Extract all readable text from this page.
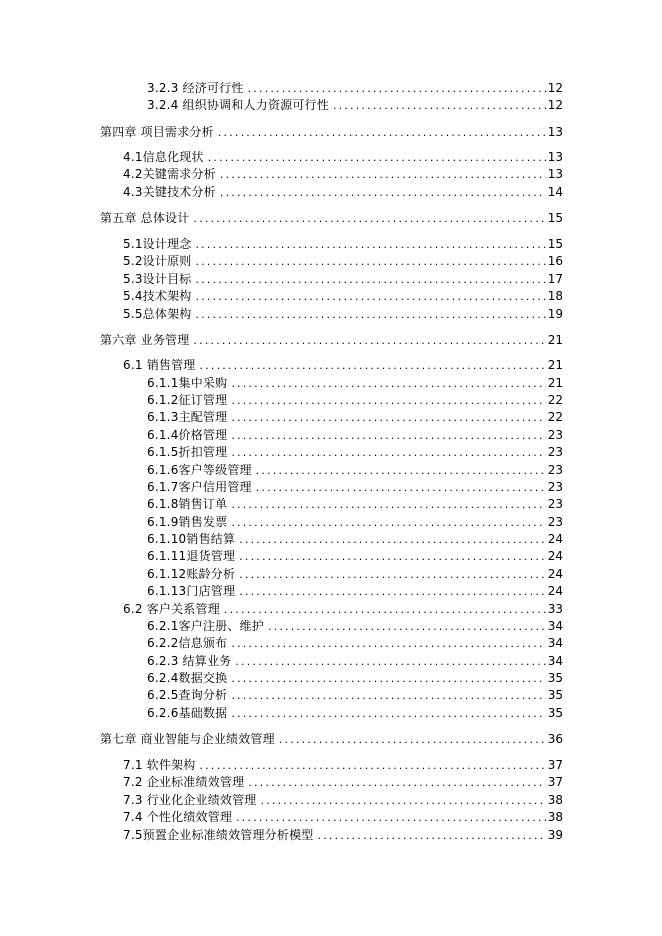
3.2.3 经济可行性 .....	12
3.2.4 组织协调和人力资源可行性 .....	12
第四章 项目需求分析 .....	13
4.1信息化现状 .....	13
4.2关键需求分析 .....	13
4.3关键技术分析 .....	14
第五章 总体设计 .....	15
5.1设计理念 .....	15
5.2设计原则 .....	16
5.3设计目标 .....	17
5.4技术架构 .....	18
5.5总体架构 .....	19
第六章 业务管理 .....	21
6.1 销售管理 .....	21
6.1.1集中采购 .....	21
6.1.2征订管理 .....	22
6.1.3主配管理 .....	22
6.1.4价格管理 .....	23
6.1.5折扣管理 .....	23
6.1.6客户等级管理 .....	23
6.1.7客户信用管理 .....	23
6.1.8销售订单 .....	23
6.1.9销售发票 .....	23
6.1.10销售结算 .....	24
6.1.11退货管理 .....	24
6.1.12账龄分析 .....	24
6.1.13门店管理 .....	24
6.2 客户关系管理 .....	33
6.2.1客户注册、维护 .....	34
6.2.2信息颁布 .....	34
6.2.3 结算业务 .....	34
6.2.4数据交换 .....	35
6.2.5查询分析 .....	35
6.2.6基础数据 .....	35
第七章 商业智能与企业绩效管理 .....	36
7.1 软件架构 .....	37
7.2 企业标准绩效管理 .....	37
7.3 行业化企业绩效管理 .....	38
7.4 个性化绩效管理 .....	38
7.5预置企业标准绩效管理分析模型 .....	39
